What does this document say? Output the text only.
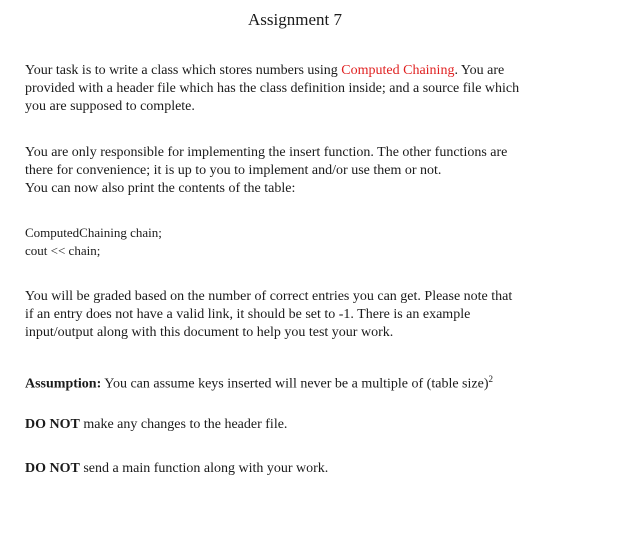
Assignment 7
Your task is to write a class which stores numbers using Computed Chaining. You are
provided with a header file which has the class definition inside; and a source file which
you are supposed to complete.
You are only responsible for implementing the insert function. The other functions are
there for convenience; it is up to you to implement and/or use them or not.
You can now also print the contents of the table:
ComputedChaining chain;
cout << chain;
You will be graded based on the number of correct entries you can get. Please note that
if an entry does not have a valid link, it should be set to -1. There is an example
input/output along with this document to help you test your work.
Assumption: You can assume keys inserted will never be a multiple of (table size)$^2$
DO NOT make any changes to the header file.
DO NOT send a main function along with your work.
